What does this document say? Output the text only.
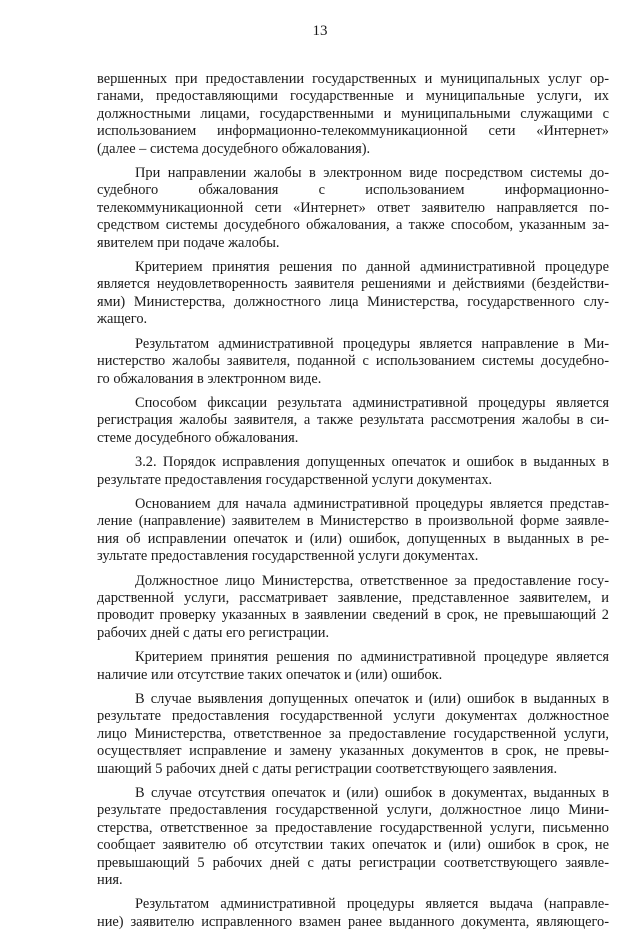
13
вершенных при предоставлении государственных и муниципальных услуг ор-
ганами, предоставляющими государственные и муниципальные услуги, их
должностными лицами, государственными и муниципальными служащими с
использованием информационно-телекоммуникационной сети «Интернет»
(далее – система досудебного обжалования).
При направлении жалобы в электронном виде посредством системы до-
судебного обжалования с использованием информационно-
телекоммуникационной сети «Интернет» ответ заявителю направляется по-
средством системы досудебного обжалования, а также способом, указанным за-
явителем при подаче жалобы.
Критерием принятия решения по данной административной процедуре
является неудовлетворенность заявителя решениями и действиями (бездействи-
ями) Министерства, должностного лица Министерства, государственного слу-
жащего.
Результатом административной процедуры является направление в Ми-
нистерство жалобы заявителя, поданной с использованием системы досудебно-
го обжалования в электронном виде.
Способом фиксации результата административной процедуры является
регистрация жалобы заявителя, а также результата рассмотрения жалобы в си-
стеме досудебного обжалования.
3.2. Порядок исправления допущенных опечаток и ошибок в выданных в
результате предоставления государственной услуги документах.
Основанием для начала административной процедуры является представ-
ление (направление) заявителем в Министерство в произвольной форме заявле-
ния об исправлении опечаток и (или) ошибок, допущенных в выданных в ре-
зультате предоставления государственной услуги документах.
Должностное лицо Министерства, ответственное за предоставление госу-
дарственной услуги, рассматривает заявление, представленное заявителем, и
проводит проверку указанных в заявлении сведений в срок, не превышающий 2
рабочих дней с даты его регистрации.
Критерием принятия решения по административной процедуре является
наличие или отсутствие таких опечаток и (или) ошибок.
В случае выявления допущенных опечаток и (или) ошибок в выданных в
результате предоставления государственной услуги документах должностное
лицо Министерства, ответственное за предоставление государственной услуги,
осуществляет исправление и замену указанных документов в срок, не превы-
шающий 5 рабочих дней с даты регистрации соответствующего заявления.
В случае отсутствия опечаток и (или) ошибок в документах, выданных в
результате предоставления государственной услуги, должностное лицо Мини-
стерства, ответственное за предоставление государственной услуги, письменно
сообщает заявителю об отсутствии таких опечаток и (или) ошибок в срок, не
превышающий 5 рабочих дней с даты регистрации соответствующего заявле-
ния.
Результатом административной процедуры является выдача (направле-
ние) заявителю исправленного взамен ранее выданного документа, являющего-
